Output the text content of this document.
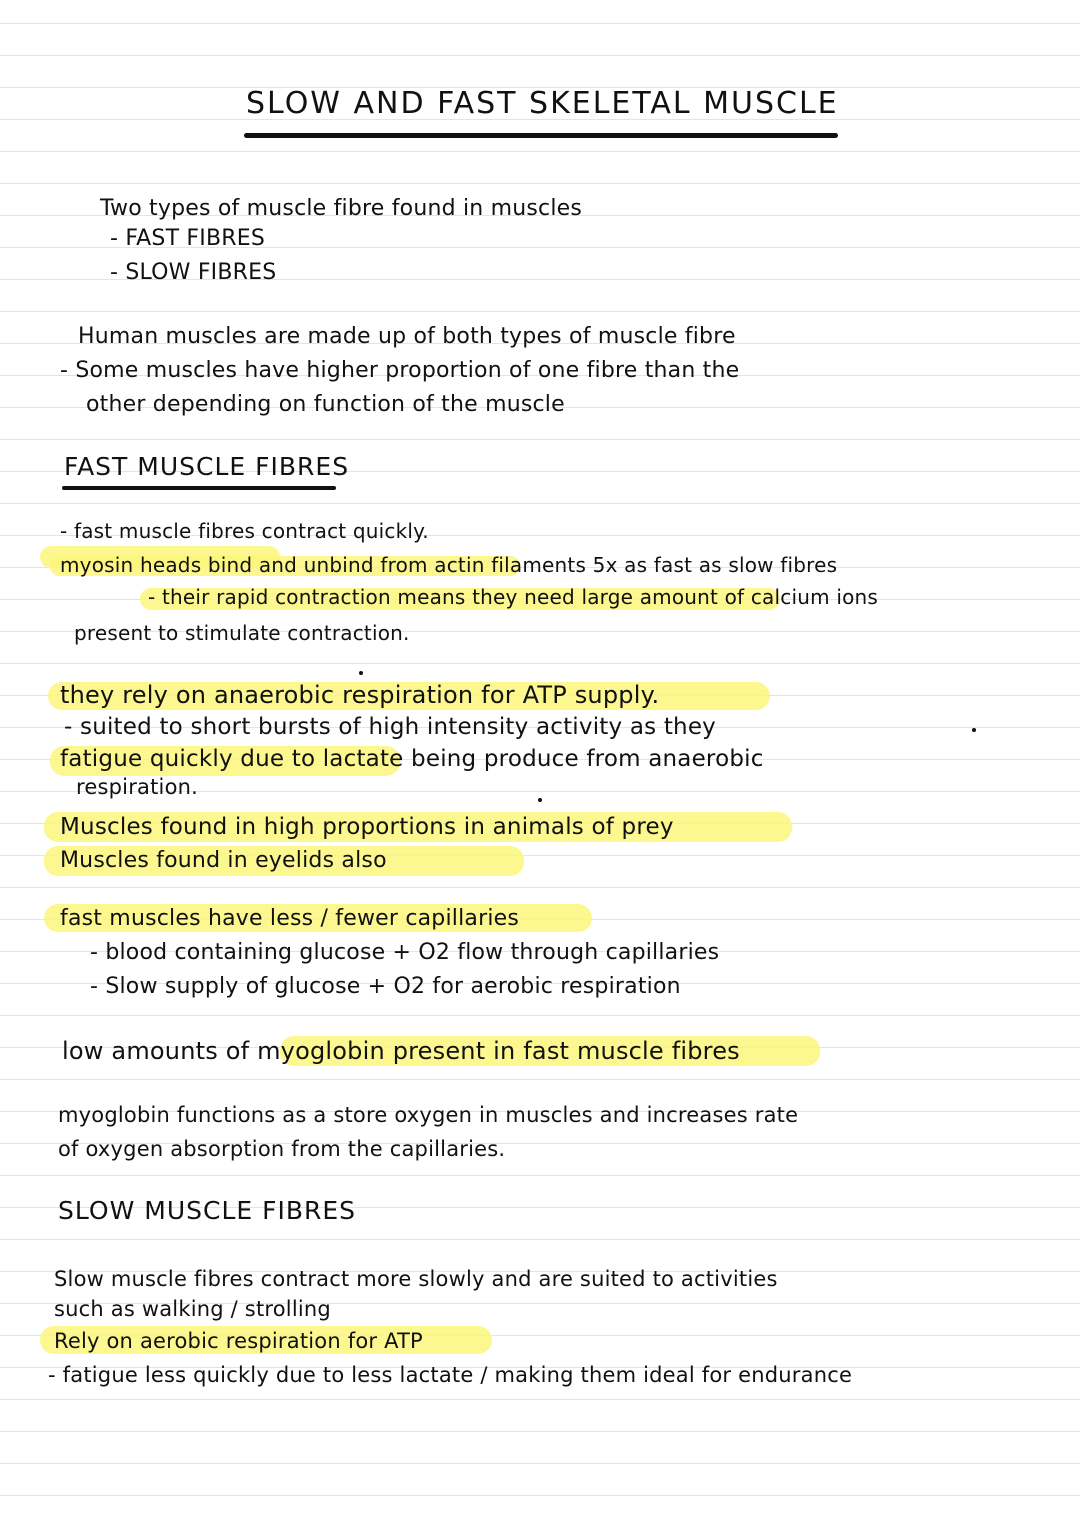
SLOW AND FAST SKELETAL MUSCLE
Two types of muscle fibre found in muscles
- FAST FIBRES
- SLOW FIBRES
Human muscles are made up of both types of muscle fibre
- Some muscles have higher proportion of one fibre than the
other depending on function of the muscle
FAST MUSCLE FIBRES
- fast muscle fibres contract quickly.
myosin heads bind and unbind from actin filaments 5x as fast as slow fibres
- their rapid contraction means they need large amount of calcium ions
present to stimulate contraction.
they rely on anaerobic respiration for ATP supply.
- suited to short bursts of high intensity activity as they
fatigue quickly due to lactate being produce from anaerobic
respiration.
Muscles found in high proportions in animals of prey
Muscles found in eyelids also
fast muscles have less / fewer capillaries
- blood containing glucose + O2 flow through capillaries
- Slow supply of glucose + O2 for aerobic respiration
low amounts of myoglobin present in fast muscle fibres
myoglobin functions as a store oxygen in muscles and increases rate
of oxygen absorption from the capillaries.
SLOW MUSCLE FIBRES
Slow muscle fibres contract more slowly and are suited to activities
such as walking / strolling
Rely on aerobic respiration for ATP
- fatigue less quickly due to less lactate / making them ideal for endurance
